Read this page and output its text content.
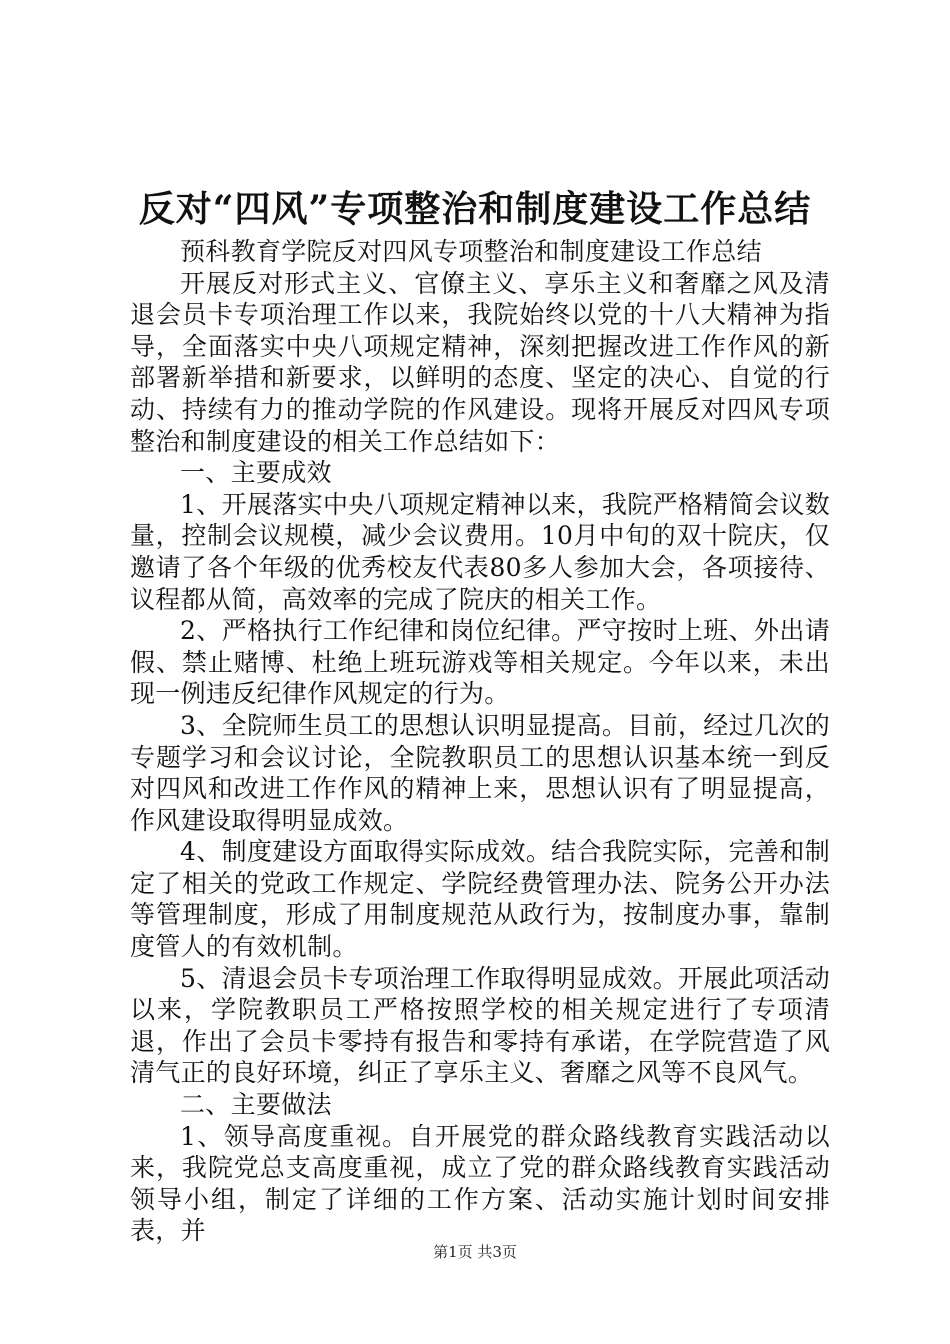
反对“四风”专项整治和制度建设工作总结

预科教育学院反对四风专项整治和制度建设工作总结

开展反对形式主义、官僚主义、享乐主义和奢靡之风及清退会员卡专项治理工作以来，我院始终以党的十八大精神为指导，全面落实中央八项规定精神，深刻把握改进工作作风的新部署新举措和新要求，以鲜明的态度、坚定的决心、自觉的行动、持续有力的推动学院的作风建设。现将开展反对四风专项整治和制度建设的相关工作总结如下：

一、主要成效

1、开展落实中央八项规定精神以来，我院严格精简会议数量，控制会议规模，减少会议费用。10月中旬的双十院庆，仅邀请了各个年级的优秀校友代表80多人参加大会，各项接待、议程都从简，高效率的完成了院庆的相关工作。

2、严格执行工作纪律和岗位纪律。严守按时上班、外出请假、禁止赌博、杜绝上班玩游戏等相关规定。今年以来，未出现一例违反纪律作风规定的行为。

3、全院师生员工的思想认识明显提高。目前，经过几次的专题学习和会议讨论，全院教职员工的思想认识基本统一到反对四风和改进工作作风的精神上来，思想认识有了明显提高，作风建设取得明显成效。

4、制度建设方面取得实际成效。结合我院实际，完善和制定了相关的党政工作规定、学院经费管理办法、院务公开办法等管理制度，形成了用制度规范从政行为，按制度办事，靠制度管人的有效机制。

5、清退会员卡专项治理工作取得明显成效。开展此项活动以来，学院教职员工严格按照学校的相关规定进行了专项清退，作出了会员卡零持有报告和零持有承诺，在学院营造了风清气正的良好环境，纠正了享乐主义、奢靡之风等不良风气。

二、主要做法

1、领导高度重视。自开展党的群众路线教育实践活动以来，我院党总支高度重视，成立了党的群众路线教育实践活动领导小组，制定了详细的工作方案、活动实施计划时间安排表，并

第1页 共3页
